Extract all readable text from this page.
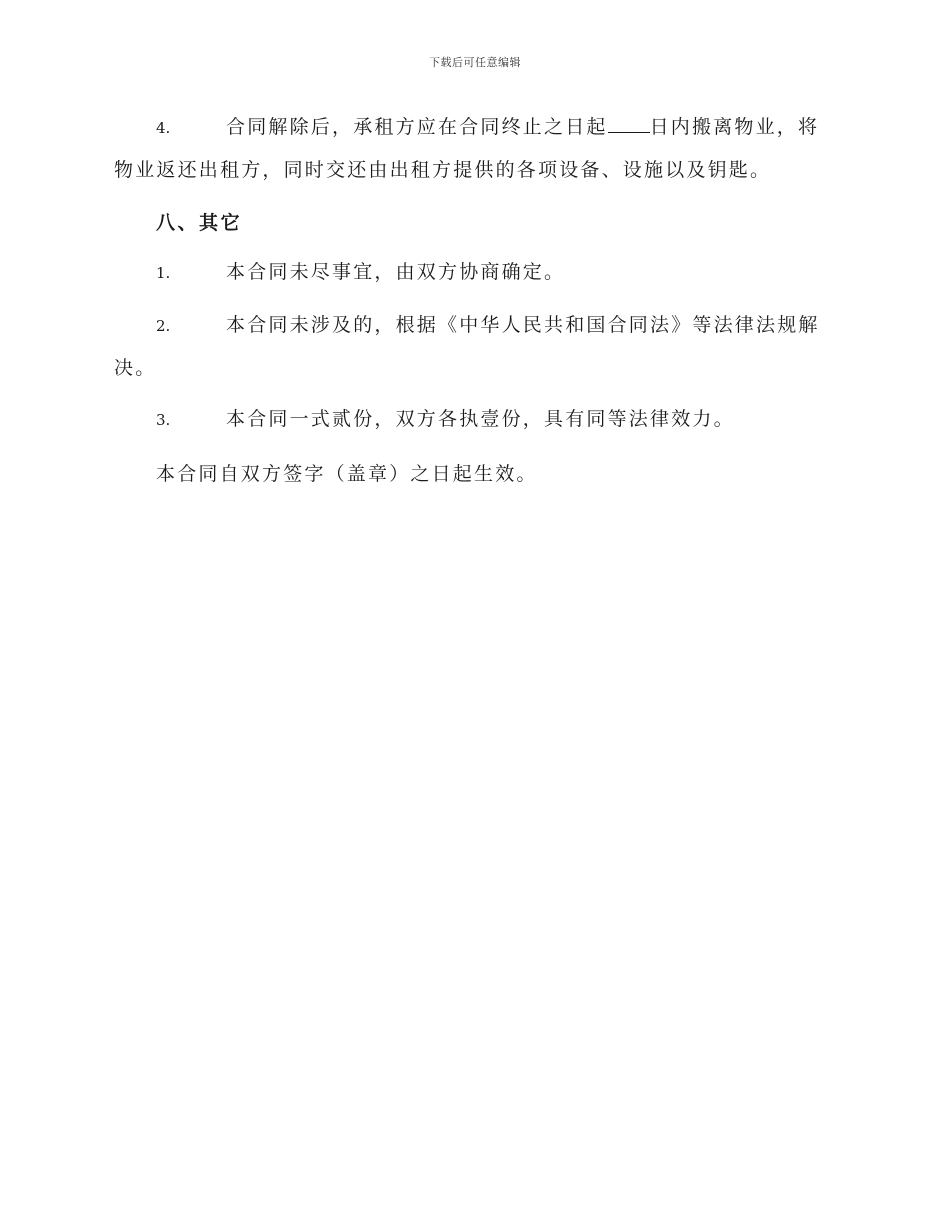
下载后可任意编辑
4.	合同解除后，承租方应在合同终止之日起 日内搬离物业，将物业返还出租方，同时交还由出租方提供的各项设备、设施以及钥匙。
八、其它
1.	本合同未尽事宜，由双方协商确定。
2.	本合同未涉及的，根据《中华人民共和国合同法》等法律法规解决。
3.	本合同一式贰份，双方各执壹份，具有同等法律效力。
本合同自双方签字（盖章）之日起生效。
